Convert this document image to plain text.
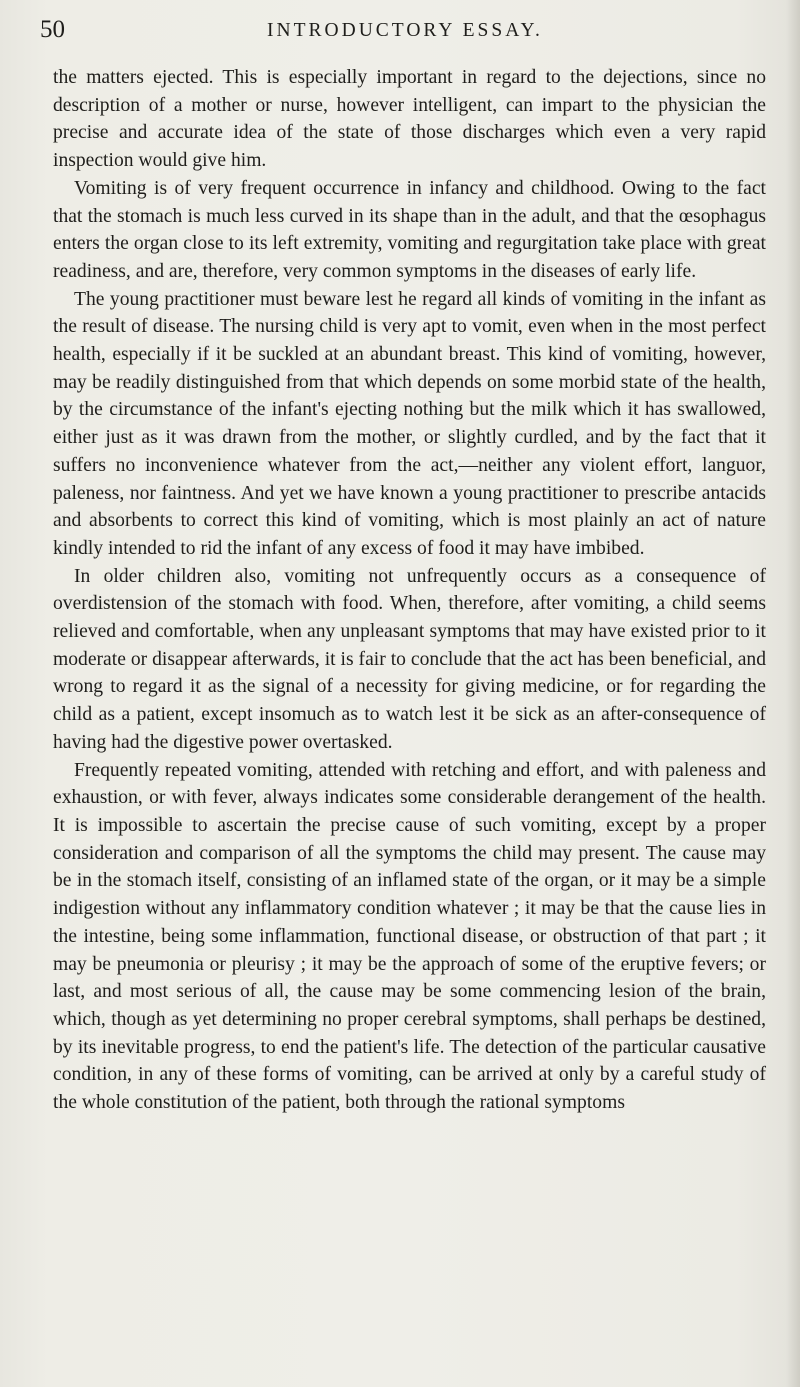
50	INTRODUCTORY ESSAY.

the matters ejected. This is especially important in regard to the dejections, since no description of a mother or nurse, however intelligent, can impart to the physician the precise and accurate idea of the state of those discharges which even a very rapid inspection would give him.

Vomiting is of very frequent occurrence in infancy and childhood. Owing to the fact that the stomach is much less curved in its shape than in the adult, and that the œsophagus enters the organ close to its left extremity, vomiting and regurgitation take place with great readiness, and are, therefore, very common symptoms in the diseases of early life.

The young practitioner must beware lest he regard all kinds of vomiting in the infant as the result of disease. The nursing child is very apt to vomit, even when in the most perfect health, especially if it be suckled at an abundant breast. This kind of vomiting, however, may be readily distinguished from that which depends on some morbid state of the health, by the circumstance of the infant's ejecting nothing but the milk which it has swallowed, either just as it was drawn from the mother, or slightly curdled, and by the fact that it suffers no inconvenience whatever from the act,—neither any violent effort, languor, paleness, nor faintness. And yet we have known a young practitioner to prescribe antacids and absorbents to correct this kind of vomiting, which is most plainly an act of nature kindly intended to rid the infant of any excess of food it may have imbibed.

In older children also, vomiting not unfrequently occurs as a consequence of overdistension of the stomach with food. When, therefore, after vomiting, a child seems relieved and comfortable, when any unpleasant symptoms that may have existed prior to it moderate or disappear afterwards, it is fair to conclude that the act has been beneficial, and wrong to regard it as the signal of a necessity for giving medicine, or for regarding the child as a patient, except insomuch as to watch lest it be sick as an after-consequence of having had the digestive power overtasked.

Frequently repeated vomiting, attended with retching and effort, and with paleness and exhaustion, or with fever, always indicates some considerable derangement of the health. It is impossible to ascertain the precise cause of such vomiting, except by a proper consideration and comparison of all the symptoms the child may present. The cause may be in the stomach itself, consisting of an inflamed state of the organ, or it may be a simple indigestion without any inflammatory condition whatever ; it may be that the cause lies in the intestine, being some inflammation, functional disease, or obstruction of that part ; it may be pneumonia or pleurisy ; it may be the approach of some of the eruptive fevers; or last, and most serious of all, the cause may be some commencing lesion of the brain, which, though as yet determining no proper cerebral symptoms, shall perhaps be destined, by its inevitable progress, to end the patient's life. The detection of the particular causative condition, in any of these forms of vomiting, can be arrived at only by a careful study of the whole constitution of the patient, both through the rational symptoms
